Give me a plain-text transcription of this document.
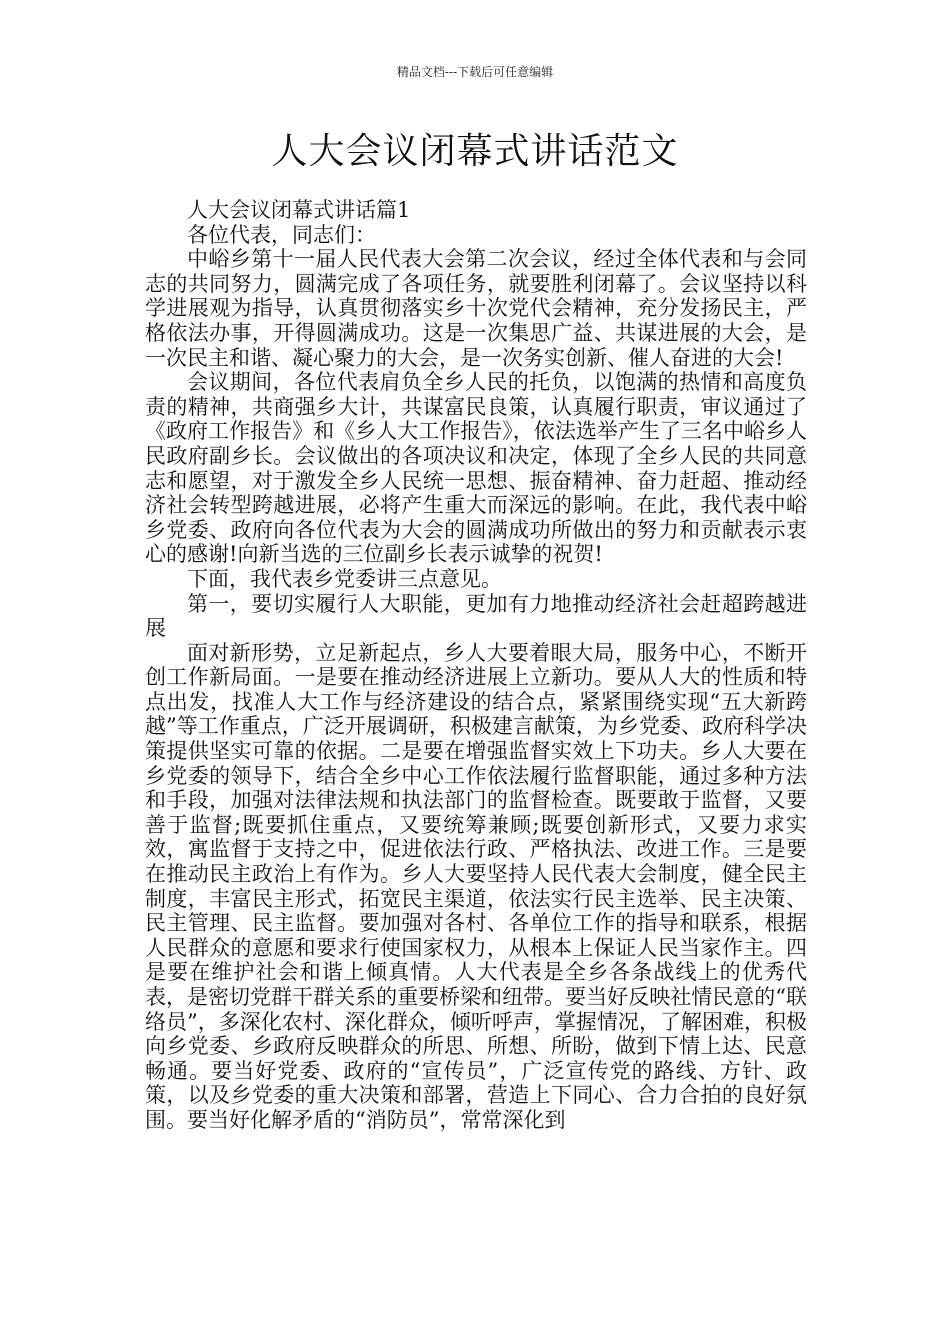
精品文档---下载后可任意编辑
人大会议闭幕式讲话范文

人大会议闭幕式讲话篇1

各位代表，同志们：

中峪乡第十一届人民代表大会第二次会议，经过全体代表和与会同志的共同努力，圆满完成了各项任务，就要胜利闭幕了。会议坚持以科学进展观为指导，认真贯彻落实乡十次党代会精神，充分发扬民主，严格依法办事，开得圆满成功。这是一次集思广益、共谋进展的大会，是一次民主和谐、凝心聚力的大会，是一次务实创新、催人奋进的大会!

会议期间，各位代表肩负全乡人民的托负，以饱满的热情和高度负责的精神，共商强乡大计，共谋富民良策，认真履行职责，审议通过了《政府工作报告》和《乡人大工作报告》，依法选举产生了三名中峪乡人民政府副乡长。会议做出的各项决议和决定，体现了全乡人民的共同意志和愿望，对于激发全乡人民统一思想、振奋精神、奋力赶超、推动经济社会转型跨越进展，必将产生重大而深远的影响。在此，我代表中峪乡党委、政府向各位代表为大会的圆满成功所做出的努力和贡献表示衷心的感谢!向新当选的三位副乡长表示诚挚的祝贺!

下面，我代表乡党委讲三点意见。

第一，要切实履行人大职能，更加有力地推动经济社会赶超跨越进展

面对新形势，立足新起点，乡人大要着眼大局，服务中心，不断开创工作新局面。一是要在推动经济进展上立新功。要从人大的性质和特点出发，找准人大工作与经济建设的结合点，紧紧围绕实现“五大新跨越”等工作重点，广泛开展调研，积极建言献策，为乡党委、政府科学决策提供坚实可靠的依据。二是要在增强监督实效上下功夫。乡人大要在乡党委的领导下，结合全乡中心工作依法履行监督职能，通过多种方法和手段，加强对法律法规和执法部门的监督检查。既要敢于监督，又要善于监督;既要抓住重点，又要统筹兼顾;既要创新形式，又要力求实效，寓监督于支持之中，促进依法行政、严格执法、改进工作。三是要在推动民主政治上有作为。乡人大要坚持人民代表大会制度，健全民主制度，丰富民主形式，拓宽民主渠道，依法实行民主选举、民主决策、民主管理、民主监督。要加强对各村、各单位工作的指导和联系，根据人民群众的意愿和要求行使国家权力，从根本上保证人民当家作主。四是要在维护社会和谐上倾真情。人大代表是全乡各条战线上的优秀代表，是密切党群干群关系的重要桥梁和纽带。要当好反映社情民意的“联络员”，多深化农村、深化群众，倾听呼声，掌握情况，了解困难，积极向乡党委、乡政府反映群众的所思、所想、所盼，做到下情上达、民意畅通。要当好党委、政府的“宣传员”，广泛宣传党的路线、方针、政策，以及乡党委的重大决策和部署，营造上下同心、合力合拍的良好氛围。要当好化解矛盾的“消防员”，常常深化到
